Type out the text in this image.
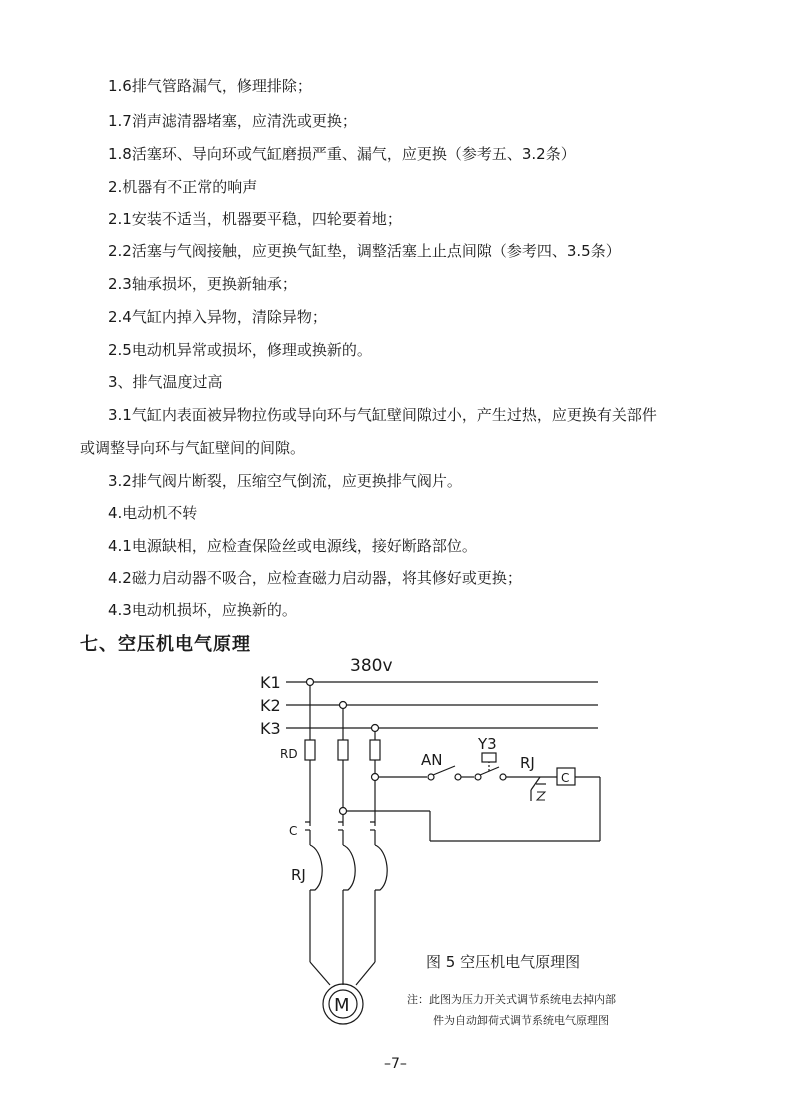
1.6排气管路漏气，修理排除；
1.7消声滤清器堵塞，应清洗或更换；
1.8活塞环、导向环或气缸磨损严重、漏气，应更换（参考五、3.2条）
2.机器有不正常的响声
2.1安装不适当，机器要平稳，四轮要着地；
2.2活塞与气阀接触，应更换气缸垫，调整活塞上止点间隙（参考四、3.5条）
2.3轴承损坏，更换新轴承；
2.4气缸内掉入异物，清除异物；
2.5电动机异常或损坏，修理或换新的。
3、排气温度过高
3.1气缸内表面被异物拉伤或导向环与气缸壁间隙过小，产生过热，应更换有关部件
或调整导向环与气缸壁间的间隙。
3.2排气阀片断裂，压缩空气倒流，应更换排气阀片。
4.电动机不转
4.1电源缺相，应检查保险丝或电源线，接好断路部位。
4.2磁力启动器不吸合，应检查磁力启动器，将其修好或更换；
4.3电动机损坏，应换新的。
七、空压机电气原理
380v
K1
K2
K3
RD	AN
Y3
RJ
C
C
RJ
M
图 5 空压机电气原理图
注：此图为压力开关式调节系统电去掉内部
件为自动卸荷式调节系统电气原理图
–7–
